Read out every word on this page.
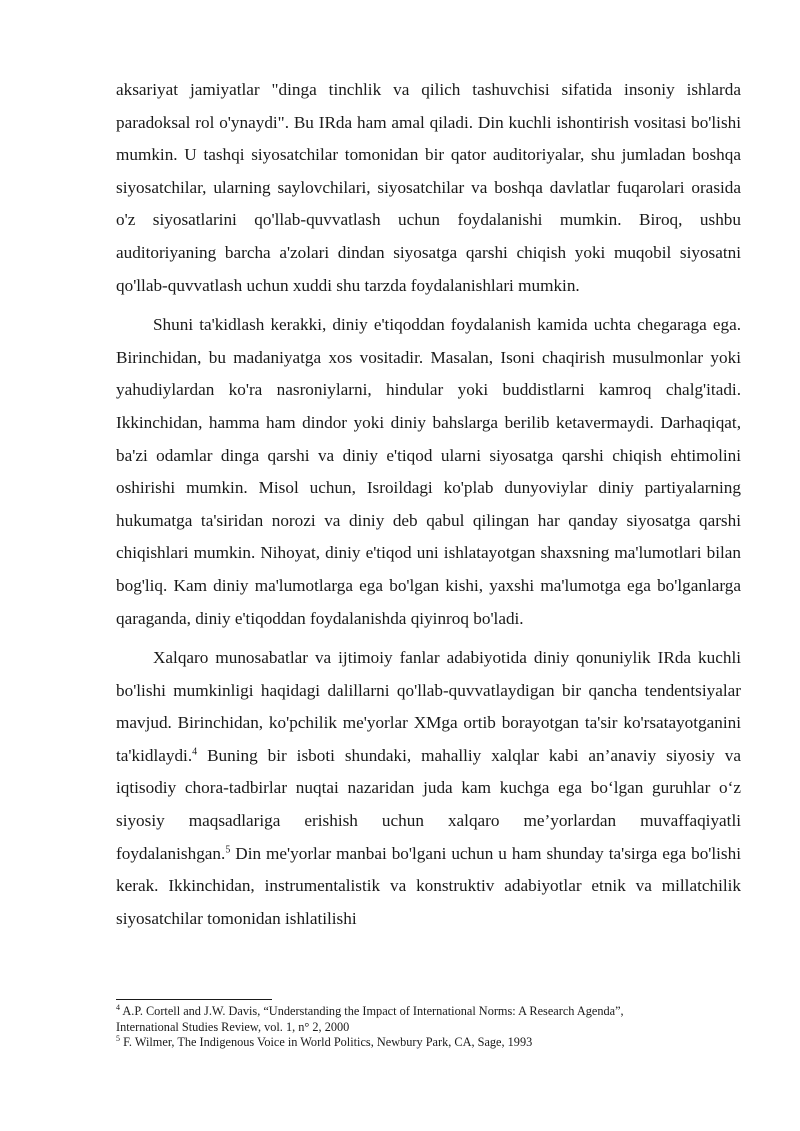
aksariyat jamiyatlar "dinga tinchlik va qilich tashuvchisi sifatida insoniy ishlarda paradoksal rol o'ynaydi". Bu IRda ham amal qiladi. Din kuchli ishontirish vositasi bo'lishi mumkin. U tashqi siyosatchilar tomonidan bir qator auditoriyalar, shu jumladan boshqa siyosatchilar, ularning saylovchilari, siyosatchilar va boshqa davlatlar fuqarolari orasida o'z siyosatlarini qo'llab-quvvatlash uchun foydalanishi mumkin. Biroq, ushbu auditoriyaning barcha a'zolari dindan siyosatga qarshi chiqish yoki muqobil siyosatni qo'llab-quvvatlash uchun xuddi shu tarzda foydalanishlari mumkin.

Shuni ta'kidlash kerakki, diniy e'tiqoddan foydalanish kamida uchta chegaraga ega. Birinchidan, bu madaniyatga xos vositadir. Masalan, Isoni chaqirish musulmonlar yoki yahudiylardan ko'ra nasroniylarni, hindular yoki buddistlarni kamroq chalg'itadi. Ikkinchidan, hamma ham dindor yoki diniy bahslarga berilib ketavermaydi. Darhaqiqat, ba'zi odamlar dinga qarshi va diniy e'tiqod ularni siyosatga qarshi chiqish ehtimolini oshirishi mumkin. Misol uchun, Isroildagi ko'plab dunyoviylar diniy partiyalarning hukumatga ta'siridan norozi va diniy deb qabul qilingan har qanday siyosatga qarshi chiqishlari mumkin. Nihoyat, diniy e'tiqod uni ishlatayotgan shaxsning ma'lumotlari bilan bog'liq. Kam diniy ma'lumotlarga ega bo'lgan kishi, yaxshi ma'lumotga ega bo'lganlarga qaraganda, diniy e'tiqoddan foydalanishda qiyinroq bo'ladi.

Xalqaro munosabatlar va ijtimoiy fanlar adabiyotida diniy qonuniylik IRda kuchli bo'lishi mumkinligi haqidagi dalillarni qo'llab-quvvatlaydigan bir qancha tendentsiyalar mavjud. Birinchidan, ko'pchilik me'yorlar XMga ortib borayotgan ta'sir ko'rsatayotganini ta'kidlaydi.$^4$ Buning bir isboti shundaki, mahalliy xalqlar kabi an’anaviy siyosiy va iqtisodiy chora-tadbirlar nuqtai nazaridan juda kam kuchga ega bo‘lgan guruhlar o‘z siyosiy maqsadlariga erishish uchun xalqaro me’yorlardan muvaffaqiyatli foydalanishgan.$^5$ Din me'yorlar manbai bo'lgani uchun u ham shunday ta'sirga ega bo'lishi kerak. Ikkinchidan, instrumentalistik va konstruktiv adabiyotlar etnik va millatchilik siyosatchilar tomonidan ishlatilishi

$^4$ A.P. Cortell and J.W. Davis, “Understanding the Impact of International Norms: A Research Agenda”, International Studies Review, vol. 1, n° 2, 2000

$^5$ F. Wilmer, The Indigenous Voice in World Politics, Newbury Park, CA, Sage, 1993
